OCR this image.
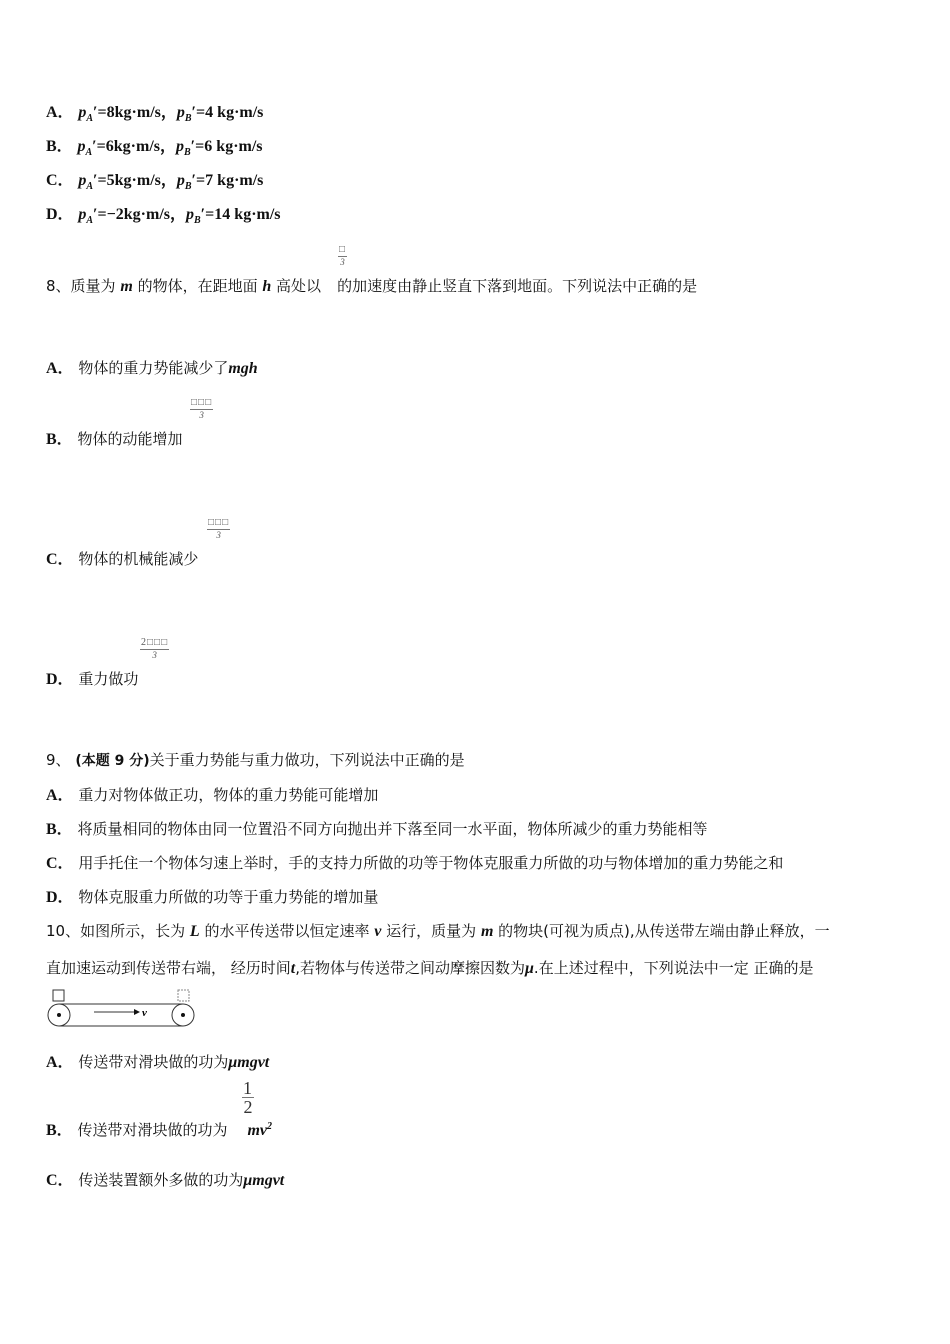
A． $p_A'=8kg\cdot m/s$，$p_B'=4$ kg·m/s
B． $p_A'=6kg\cdot m/s$，$p_B'=6$ kg·m/s
C． $p_A'=5kg\cdot m/s$，$p_B'=7$ kg·m/s
D． $p_A'=-2kg\cdot m/s$，$p_B'=14$ kg·m/s
□
3
8、质量为 m 的物体，在距地面 h 高处以 的加速度由静止竖直下落到地面。下列说法中正确的是
A． 物体的重力势能减少了mgh
□□□
3
B． 物体的动能增加
□□□
3
C． 物体的机械能减少
$\frac{2□□□}{3}$
D． 重力做功
9、 (本题 9 分)关于重力势能与重力做功，下列说法中正确的是
A． 重力对物体做正功，物体的重力势能可能增加
B． 将质量相同的物体由同一位置沿不同方向抛出并下落至同一水平面，物体所减少的重力势能相等
C． 用手托住一个物体匀速上举时，手的支持力所做的功等于物体克服重力所做的功与物体增加的重力势能之和
D． 物体克服重力所做的功等于重力势能的增加量
10、如图所示，长为 L 的水平传送带以恒定速率 v 运行，质量为 m 的物块(可视为质点),从传送带左端由静止释放，一
直加速运动到传送带右端， 经历时间t,若物体与传送带之间动摩擦因数为μ.在上述过程中，下列说法中一定 正确的是
v
A． 传送带对滑块做的功为μmgvt
$\frac{1}{2}$
B． 传送带对滑块做的功为 $mv^2$
C． 传送装置额外多做的功为μmgvt
